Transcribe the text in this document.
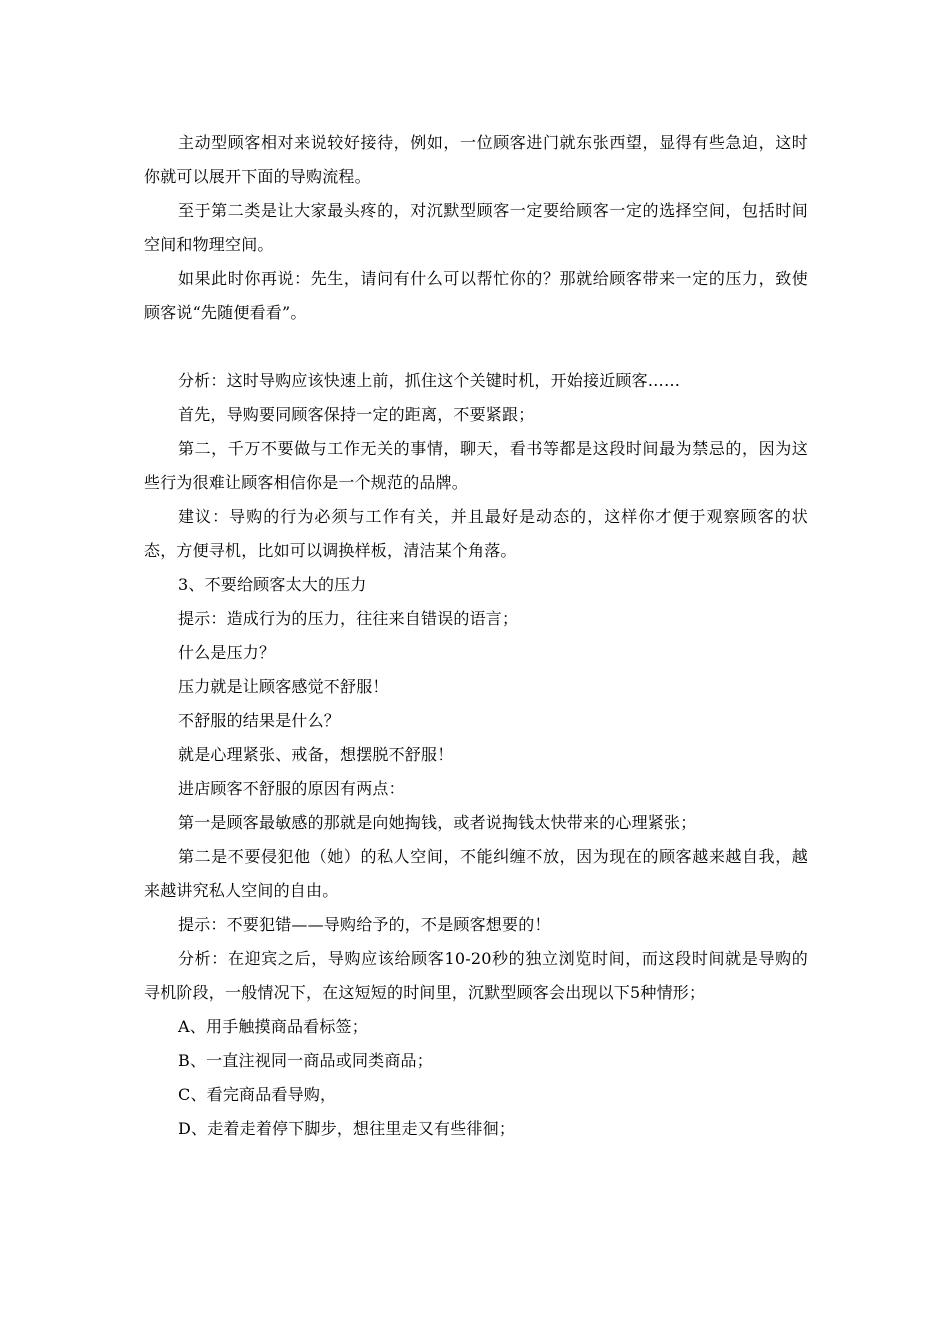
主动型顾客相对来说较好接待，例如，一位顾客进门就东张西望，显得有些急迫，这时你就可以展开下面的导购流程。

至于第二类是让大家最头疼的，对沉默型顾客一定要给顾客一定的选择空间，包括时间空间和物理空间。

如果此时你再说：先生，请问有什么可以帮忙你的？那就给顾客带来一定的压力，致使顾客说“先随便看看”。

分析：这时导购应该快速上前，抓住这个关键时机，开始接近顾客……

首先，导购要同顾客保持一定的距离，不要紧跟；

第二，千万不要做与工作无关的事情，聊天，看书等都是这段时间最为禁忌的，因为这些行为很难让顾客相信你是一个规范的品牌。

建议：导购的行为必须与工作有关，并且最好是动态的，这样你才便于观察顾客的状态，方便寻机，比如可以调换样板，清洁某个角落。

3、不要给顾客太大的压力

提示：造成行为的压力，往往来自错误的语言；

什么是压力？

压力就是让顾客感觉不舒服！

不舒服的结果是什么？

就是心理紧张、戒备，想摆脱不舒服！

进店顾客不舒服的原因有两点：

第一是顾客最敏感的那就是向她掏钱，或者说掏钱太快带来的心理紧张；

第二是不要侵犯他（她）的私人空间，不能纠缠不放，因为现在的顾客越来越自我，越来越讲究私人空间的自由。

提示：不要犯错——导购给予的，不是顾客想要的！

分析：在迎宾之后，导购应该给顾客10-20秒的独立浏览时间，而这段时间就是导购的寻机阶段，一般情况下，在这短短的时间里，沉默型顾客会出现以下5种情形；

A、用手触摸商品看标签；

B、一直注视同一商品或同类商品；

C、看完商品看导购，

D、走着走着停下脚步，想往里走又有些徘徊；
